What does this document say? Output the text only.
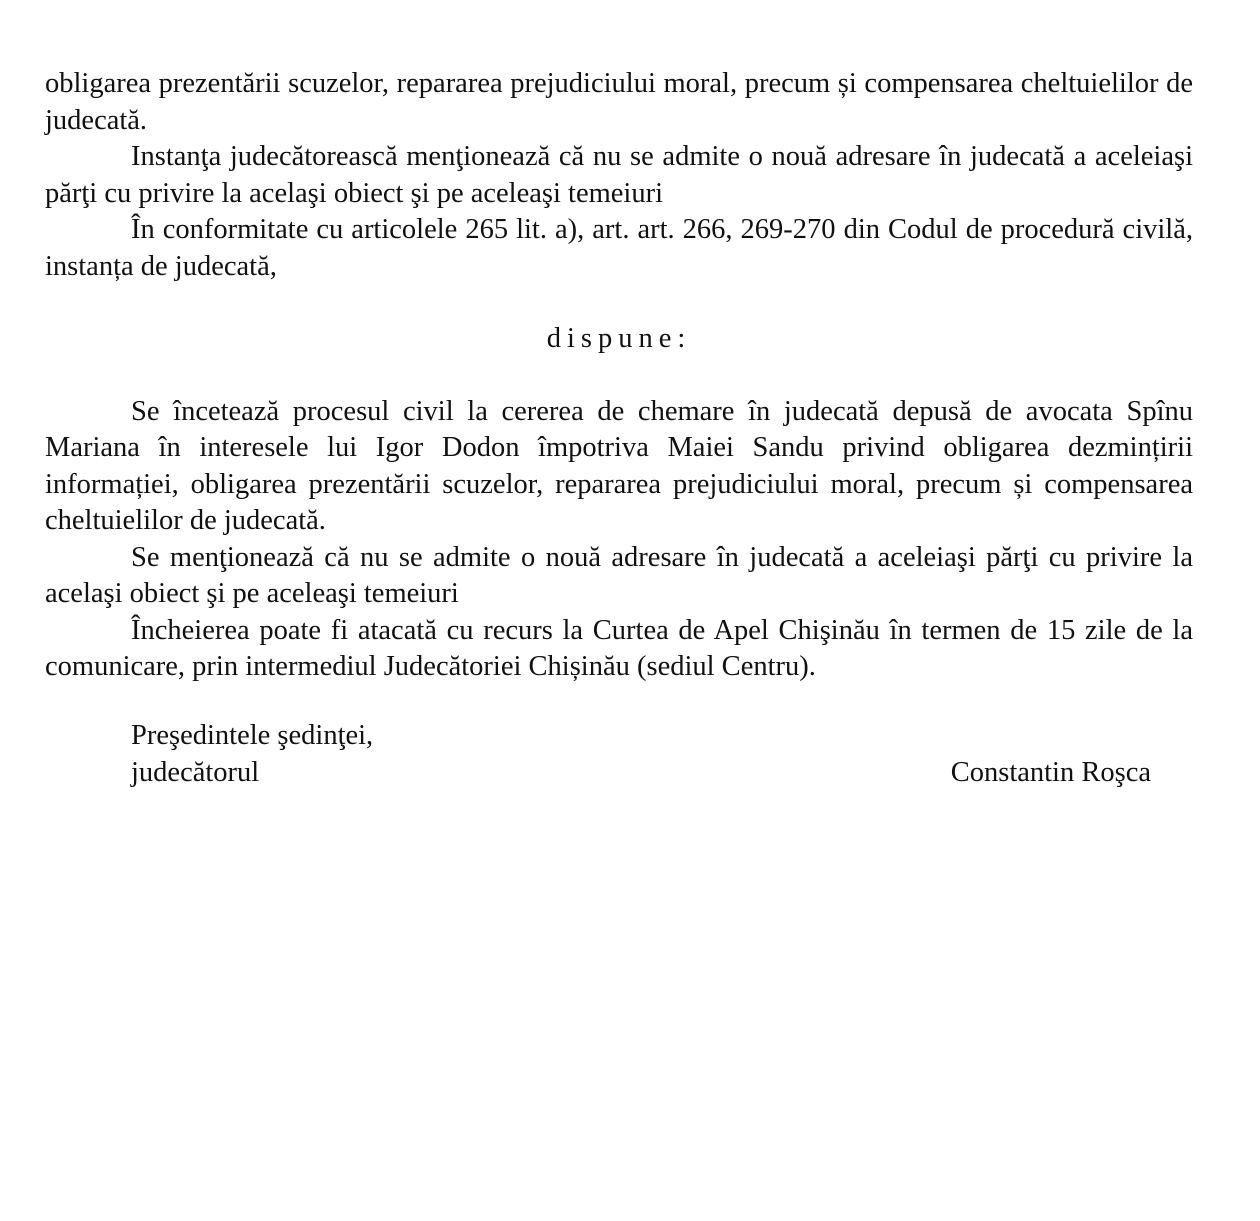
obligarea prezentării scuzelor, repararea prejudiciului moral, precum și compensarea cheltuielilor de judecată.

Instanţa judecătorească menţionează că nu se admite o nouă adresare în judecată a aceleiaşi părţi cu privire la acelaşi obiect şi pe aceleaşi temeiuri

În conformitate cu articolele 265 lit. a), art. art. 266, 269-270 din Codul de procedură civilă, instanța de judecată,

dispune:

Se încetează procesul civil la cererea de chemare în judecată depusă de avocata Spînu Mariana în interesele lui Igor Dodon împotriva Maiei Sandu privind obligarea dezmințirii informației, obligarea prezentării scuzelor, repararea prejudiciului moral, precum și compensarea cheltuielilor de judecată.

Se menţionează că nu se admite o nouă adresare în judecată a aceleiaşi părţi cu privire la acelaşi obiect şi pe aceleaşi temeiuri

Încheierea poate fi atacată cu recurs la Curtea de Apel Chişinău în termen de 15 zile de la comunicare, prin intermediul Judecătoriei Chișinău (sediul Centru).

Preşedintele şedinţei,

judecătorul	Constantin Roşca
